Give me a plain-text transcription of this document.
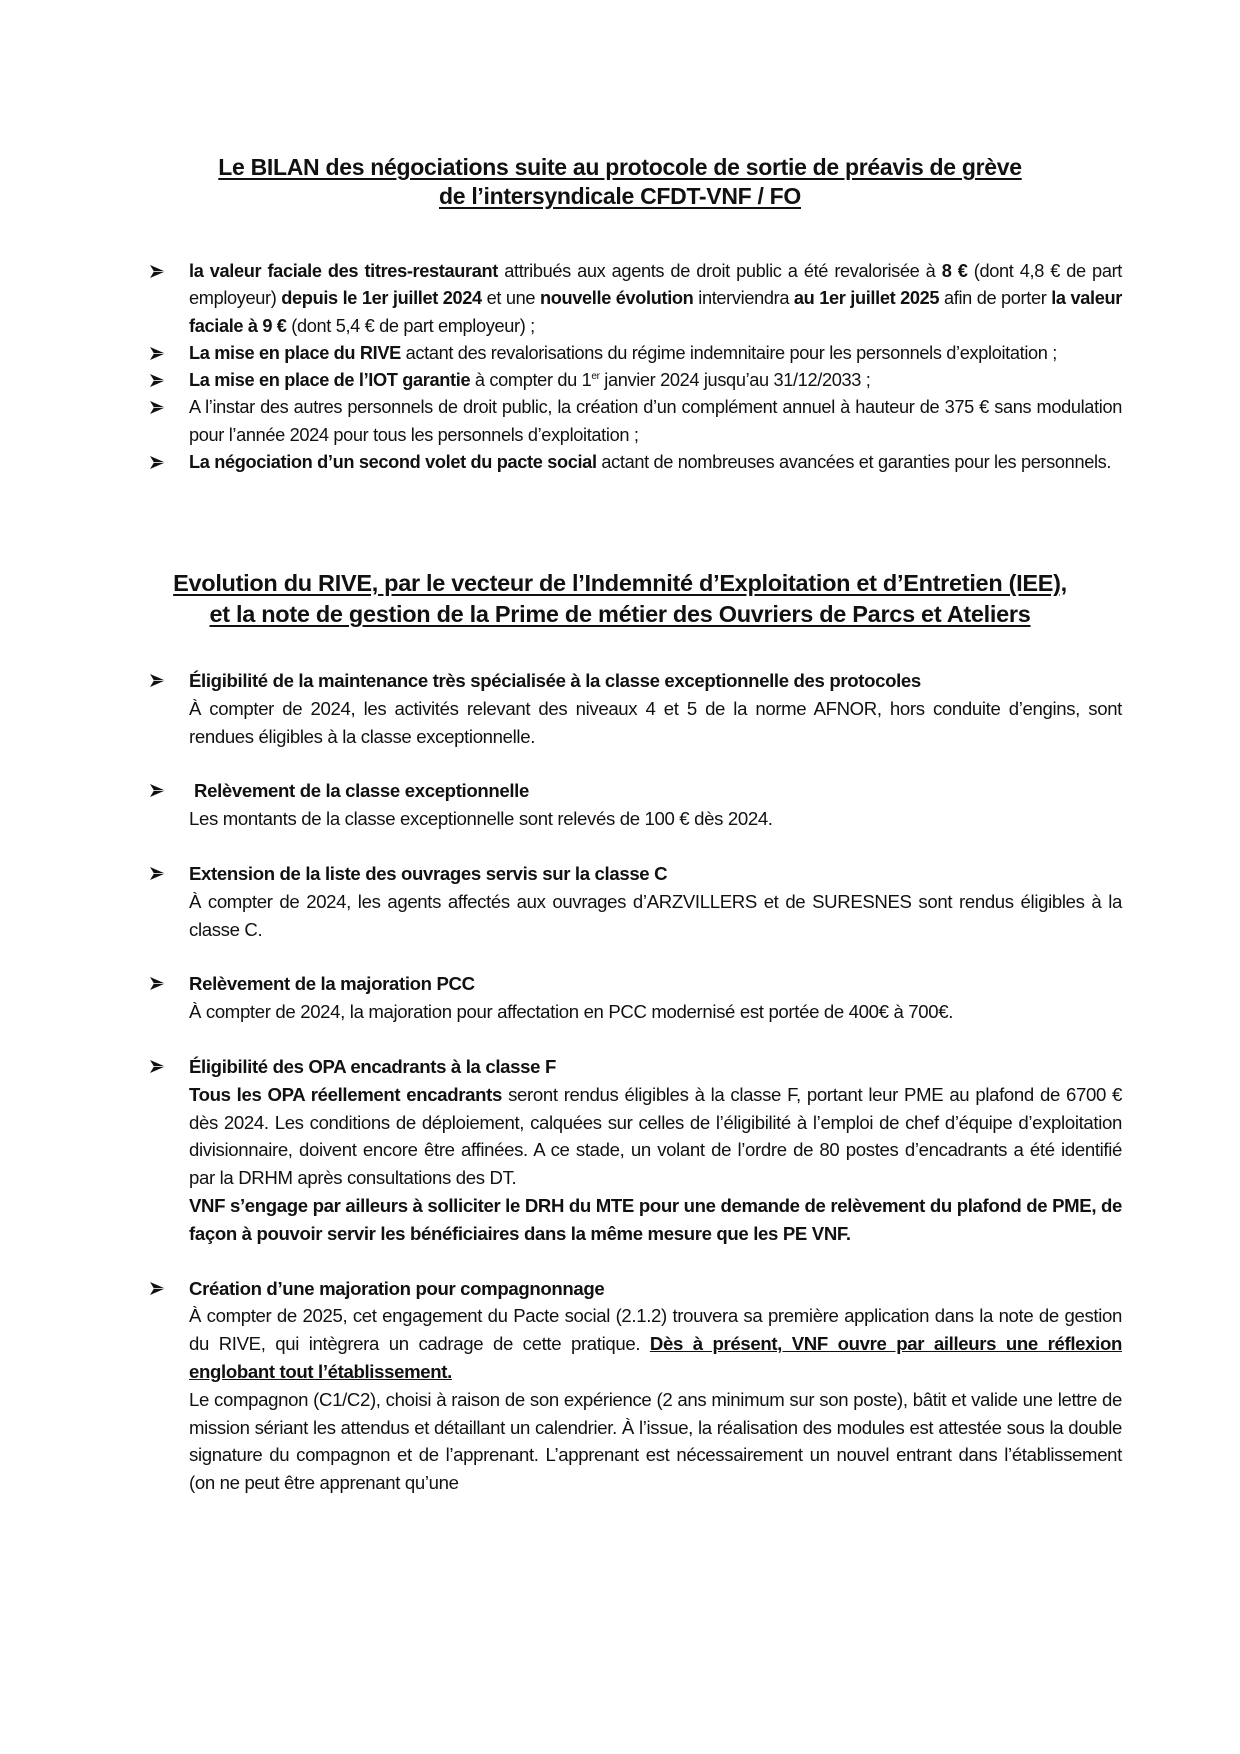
Le BILAN des négociations suite au protocole de sortie de préavis de grève
de l’intersyndicale CFDT-VNF / FO
la valeur faciale des titres-restaurant attribués aux agents de droit public a été revalorisée à 8 € (dont 4,8 € de part employeur) depuis le 1er juillet 2024 et une nouvelle évolution interviendra au 1er juillet 2025 afin de porter la valeur faciale à 9 € (dont 5,4 € de part employeur) ;
La mise en place du RIVE actant des revalorisations du régime indemnitaire pour les personnels d’exploitation ;
La mise en place de l’IOT garantie à compter du 1er janvier 2024 jusqu’au 31/12/2033 ;
A l’instar des autres personnels de droit public, la création d’un complément annuel à hauteur de 375 € sans modulation pour l’année 2024 pour tous les personnels d’exploitation ;
La négociation d’un second volet du pacte social actant de nombreuses avancées et garanties pour les personnels.
Evolution du RIVE, par le vecteur de l’Indemnité d’Exploitation et d’Entretien (IEE),
et la note de gestion de la Prime de métier des Ouvriers de Parcs et Ateliers
Éligibilité de la maintenance très spécialisée à la classe exceptionnelle des protocoles
À compter de 2024, les activités relevant des niveaux 4 et 5 de la norme AFNOR, hors conduite d’engins, sont rendues éligibles à la classe exceptionnelle.
Relèvement de la classe exceptionnelle
Les montants de la classe exceptionnelle sont relevés de 100 € dès 2024.
Extension de la liste des ouvrages servis sur la classe C
À compter de 2024, les agents affectés aux ouvrages d’ARZVILLERS et de SURESNES sont rendus éligibles à la classe C.
Relèvement de la majoration PCC
À compter de 2024, la majoration pour affectation en PCC modernisé est portée de 400€ à 700€.
Éligibilité des OPA encadrants à la classe F
Tous les OPA réellement encadrants seront rendus éligibles à la classe F, portant leur PME au plafond de 6700 € dès 2024. Les conditions de déploiement, calquées sur celles de l’éligibilité à l’emploi de chef d’équipe d’exploitation divisionnaire, doivent encore être affinées. A ce stade, un volant de l’ordre de 80 postes d’encadrants a été identifié par la DRHM après consultations des DT.
VNF s’engage par ailleurs à solliciter le DRH du MTE pour une demande de relèvement du plafond de PME, de façon à pouvoir servir les bénéficiaires dans la même mesure que les PE VNF.
Création d’une majoration pour compagnonnage
À compter de 2025, cet engagement du Pacte social (2.1.2) trouvera sa première application dans la note de gestion du RIVE, qui intègrera un cadrage de cette pratique. Dès à présent, VNF ouvre par ailleurs une réflexion englobant tout l’établissement.
Le compagnon (C1/C2), choisi à raison de son expérience (2 ans minimum sur son poste), bâtit et valide une lettre de mission sériant les attendus et détaillant un calendrier. À l’issue, la réalisation des modules est attestée sous la double signature du compagnon et de l’apprenant. L’apprenant est nécessairement un nouvel entrant dans l’établissement (on ne peut être apprenant qu’une
